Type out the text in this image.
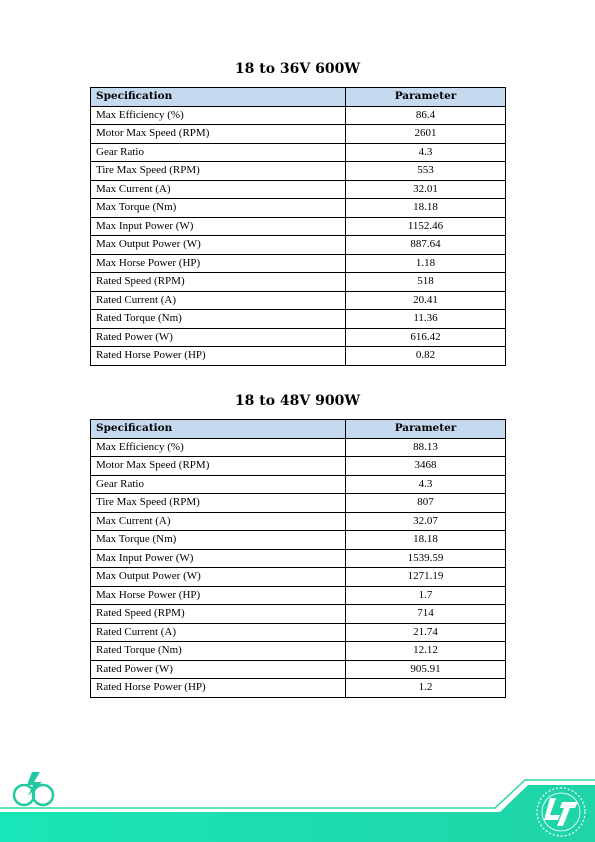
18 to 36V 600W
Specification	Parameter
Max Efficiency (%)	86.4
Motor Max Speed (RPM)	2601
Gear Ratio	4.3
Tire Max Speed (RPM)	553
Max Current (A)	32.01
Max Torque (Nm)	18.18
Max Input Power (W)	1152.46
Max Output Power (W)	887.64
Max Horse Power (HP)	1.18
Rated Speed (RPM)	518
Rated Current (A)	20.41
Rated Torque (Nm)	11.36
Rated Power (W)	616.42
Rated Horse Power (HP)	0.82
18 to 48V 900W
Specification	Parameter
Max Efficiency (%)	88.13
Motor Max Speed (RPM)	3468
Gear Ratio	4.3
Tire Max Speed (RPM)	807
Max Current (A)	32.07
Max Torque (Nm)	18.18
Max Input Power (W)	1539.59
Max Output Power (W)	1271.19
Max Horse Power (HP)	1.7
Rated Speed (RPM)	714
Rated Current (A)	21.74
Rated Torque (Nm)	12.12
Rated Power (W)	905.91
Rated Horse Power (HP)	1.2
